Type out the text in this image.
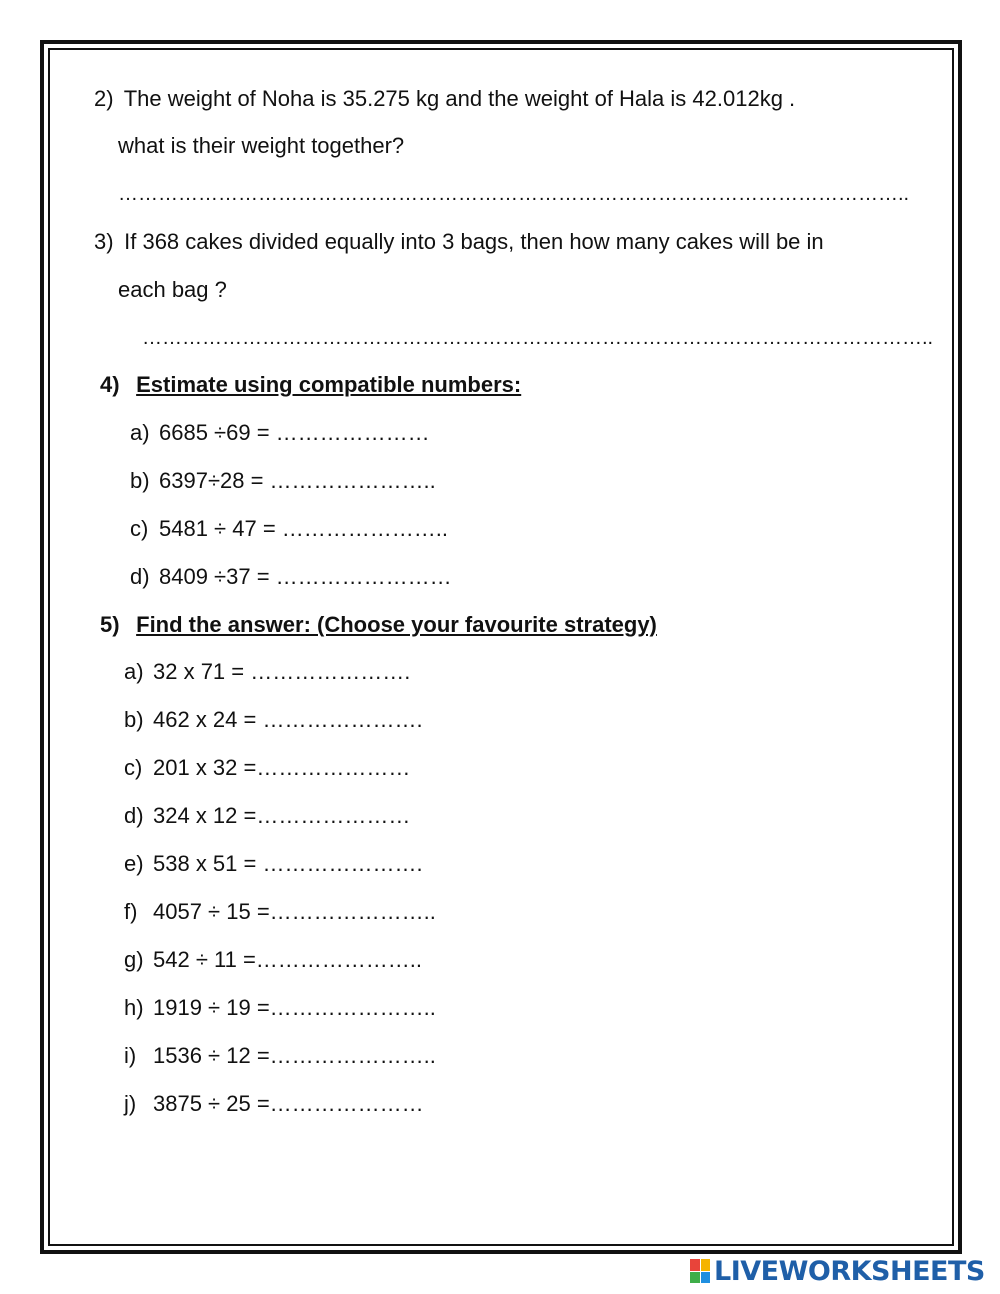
2) The weight of Noha is 35.275 kg and the weight of Hala is 42.012kg .
what is their weight together?
………………………………………………………………………………………………………..
3) If 368 cakes divided equally into 3 bags, then how many cakes will be in
each bag ?
………………………………………………………………………………………………………..
4) Estimate using compatible numbers:
a) 6685 ÷69 = …………………
b) 6397÷28 = …………………..
c) 5481 ÷ 47 = …………………..
d) 8409 ÷37 = ……………………
5) Find the answer: (Choose your favourite strategy)
a) 32 x 71 = ………………….
b) 462 x 24 = ………………….
c) 201 x 32 =…………………
d) 324 x 12 =…………………
e) 538 x 51 = ………………….
f) 4057 ÷ 15 =…………………..
g) 542 ÷ 11 =…………………..
h) 1919 ÷ 19 =…………………..
i) 1536 ÷ 12 =…………………..
j) 3875 ÷ 25 =…………………
LIVEWORKSHEETS
